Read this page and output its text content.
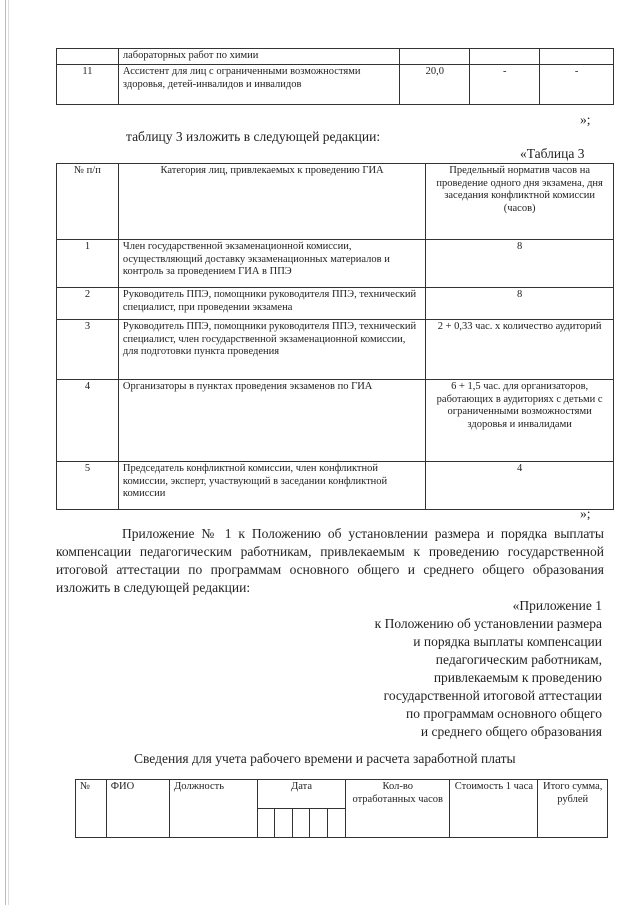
	лабораторных работ по химии			
11	Ассистент для лиц с ограниченными возможностями здоровья, детей-инвалидов и инвалидов	20,0	-	-
»;
таблицу 3 изложить в следующей редакции:
«Таблица 3
№ п/п	Категория лиц, привлекаемых к проведению ГИА	Предельный норматив часов на проведение одного дня экзамена, дня заседания конфликтной комиссии (часов)
1	Член государственной экзаменационной комиссии, осуществляющий доставку экзаменационных материалов и контроль за проведением ГИА в ППЭ	8
2	Руководитель ППЭ, помощники руководителя ППЭ, технический специалист, при проведении экзамена	8
3	Руководитель ППЭ, помощники руководителя ППЭ, технический специалист, член государственной экзаменационной комиссии, для подготовки пункта проведения	2 + 0,33 час. х количество аудиторий
4	Организаторы в пунктах проведения экзаменов по ГИА	6 + 1,5 час. для организаторов, работающих в аудиториях с детьми с ограниченными возможностями здоровья и инвалидами
5	Председатель конфликтной комиссии, член конфликтной комиссии, эксперт, участвующий в заседании конфликтной комиссии	4
»;
Приложение № 1 к Положению об установлении размера и порядка выплаты компенсации педагогическим работникам, привлекаемым к проведению государственной итоговой аттестации по программам основного общего и среднего общего образования изложить в следующей редакции:
«Приложение 1
к Положению об установлении размера
и порядка выплаты компенсации
педагогическим работникам,
привлекаемым к проведению
государственной итоговой аттестации
по программам основного общего
и среднего общего образования
Сведения для учета рабочего времени и расчета заработной платы
№	ФИО	Должность	Дата					Кол-во отработанных часов	Стоимость 1 часа	Итого сумма, рублей
